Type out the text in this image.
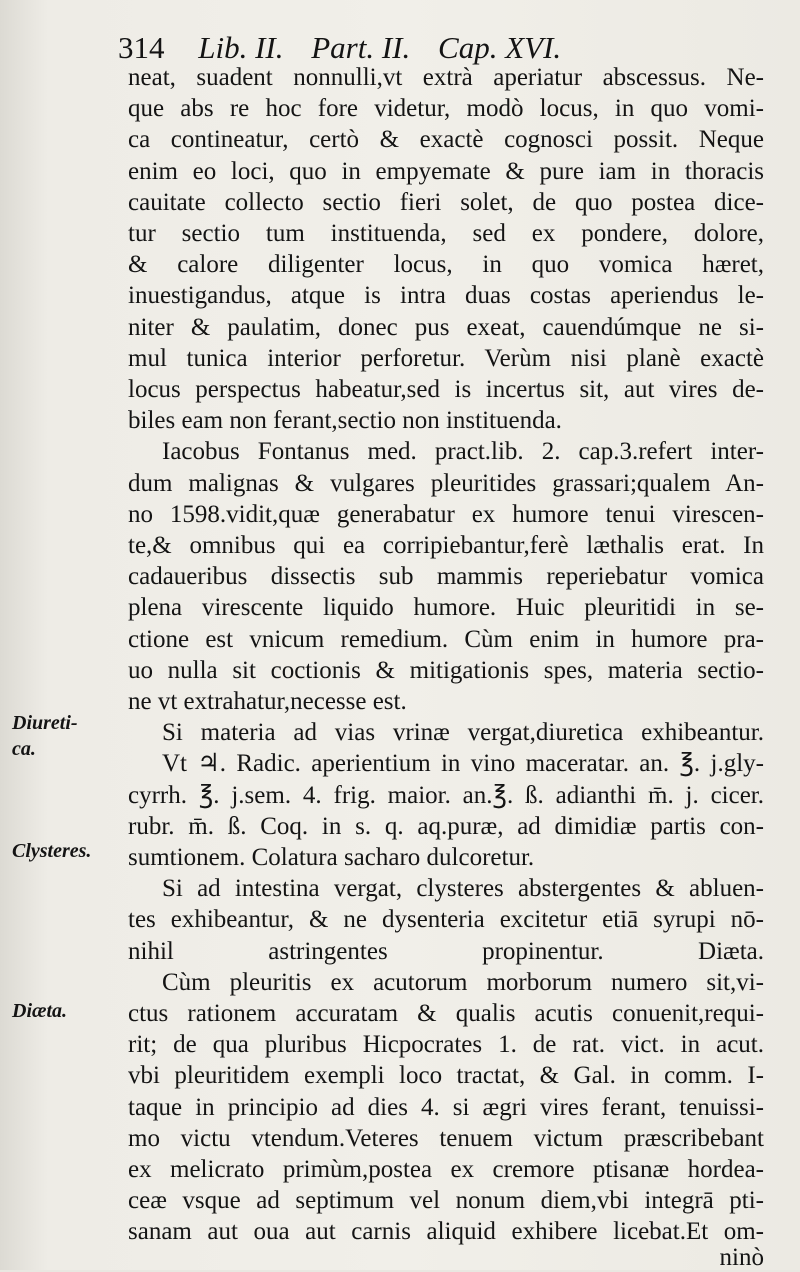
314 Lib. II. Part. II. Cap. XVI.
neat, suadent nonnulli,vt extrà aperiatur abscessus. Ne-
que abs re hoc fore videtur, modò locus, in quo vomi-
ca contineatur, certò & exactè cognosci possit. Neque
enim eo loci, quo in empyemate & pure iam in thoracis
cauitate collecto sectio fieri solet, de quo postea dice-
tur sectio tum instituenda, sed ex pondere, dolore,
& calore diligenter locus, in quo vomica hæret,
inuestigandus, atque is intra duas costas aperiendus le-
niter & paulatim, donec pus exeat, cauendúmque ne si-
mul tunica interior perforetur. Verùm nisi planè exactè
locus perspectus habeatur,sed is incertus sit, aut vires de-
biles eam non ferant,sectio non instituenda.
Iacobus Fontanus med. pract.lib. 2. cap.3.refert inter-
dum malignas & vulgares pleuritides grassari;qualem An-
no 1598.vidit,quæ generabatur ex humore tenui virescen-
te,& omnibus qui ea corripiebantur,ferè læthalis erat. In
cadaueribus dissectis sub mammis reperiebatur vomica
plena virescente liquido humore. Huic pleuritidi in se-
ctione est vnicum remedium. Cùm enim in humore pra-
uo nulla sit coctionis & mitigationis spes, materia sectio-
ne vt extrahatur,necesse est.
Si materia ad vias vrinæ vergat,diuretica exhibeantur.
Vt ♃. Radic. aperientium in vino maceratar. an. ℥. j.gly-
cyrrh. ℥. j.sem. 4. frig. maior. an.℥. ß. adianthi m̄. j. cicer.
rubr. m̄. ß. Coq. in s. q. aq.puræ, ad dimidiæ partis con-
sumtionem. Colatura sacharo dulcoretur.
Si ad intestina vergat, clysteres abstergentes & abluen-
tes exhibeantur, & ne dysenteria excitetur etiā syrupi nō-
nihil astringentes propinentur. Diæta.
Cùm pleuritis ex acutorum morborum numero sit,vi-
ctus rationem accuratam & qualis acutis conuenit,requi-
rit; de qua pluribus Hicpocrates 1. de rat. vict. in acut.
vbi pleuritidem exempli loco tractat, & Gal. in comm. I-
taque in principio ad dies 4. si ægri vires ferant, tenuissi-
mo victu vtendum.Veteres tenuem victum præscribebant
ex melicrato primùm,postea ex cremore ptisanæ hordea-
ceæ vsque ad septimum vel nonum diem,vbi integrā pti-
sanam aut oua aut carnis aliquid exhibere licebat.Et om-
Diureti-
ca.
Clysteres.
Diæta.
ninò
